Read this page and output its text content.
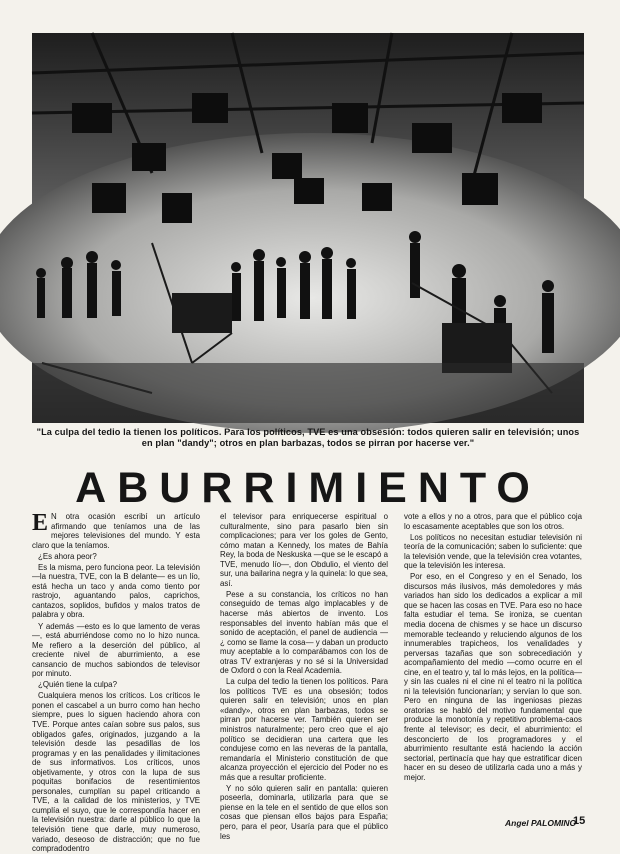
"La culpa del tedio la tienen los políticos. Para los políticos, TVE es una obsesión: todos quieren salir en televisión; unos en plan "dandy"; otros en plan barbazas, todos se pirran por hacerse ver."
ABURRIMIENTO

E N otra ocasión escribí un artículo afirmando que teníamos una de las mejores televisiones del mundo. Y esta claro que la teníamos.

¿Es ahora peor?

Es la misma, pero funciona peor. La televisión —la nuestra, TVE, con la B delante— es un lío, está hecha un taco y anda como tiento por rastrojo, aguantando palos, caprichos, cantazos, soplidos, bufidos y malos tratos de palabra y obra.

Y además —esto es lo que lamento de veras—, está aburriéndose como no lo hizo nunca. Me refiero a la deserción del público, al creciente nivel de aburrimiento, a ese cansancio de muchos sabiondos de televisor por minuto.

¿Quién tiene la culpa?

Cualquiera menos los críticos. Los críticos le ponen el cascabel a un burro como han hecho siempre, pues lo siguen haciendo ahora con TVE. Porque antes caían sobre sus palos, sus obligados gafes, originados, juzgando a la televisión desde las pesadillas de los programas y en las penalidades y ilimitaciones de sus informativos. Los críticos, unos objetivamente, y otros con la lupa de sus poquitas bonifacios de resentimientos personales, cumplían su papel criticando a TVE, a la calidad de los ministerios, y TVE cumplía el suyo, que le correspondía hacer en la televisión nuestra: darle al público lo que la televisión tiene que darle, muy numeroso, variado, deseoso de distracción; que no fue compradodentro

el televisor para enriquecerse espiritual o culturalmente, sino para pasarlo bien sin complicaciones; para ver los goles de Gento, cómo matan a Kennedy, los mates de Bahía Rey, la boda de Neskuska —que se le escapó a TVE, menudo lío—, don Obdulio, el viento del sur, una bailarina negra y la quinela: lo que sea, así.

Pese a su constancia, los críticos no han conseguido de temas algo implacables y de hacerse más abiertos de invento. Los responsables del invento habían más que el sonido de aceptación, el panel de audiencia —¿ como se llame la cosa— y daban un producto muy aceptable a lo comparábamos con los de otras TV extranjeras y no sé si la Universidad de Oxford o con la Real Academia.

La culpa del tedio la tienen los políticos. Para los políticos TVE es una obsesión; todos quieren salir en televisión; unos en plan «dandy», otros en plan barbazas, todos se pirran por hacerse ver. También quieren ser ministros naturalmente; pero creo que el ajo político se decidieran una cartera que les condujese como en las neveras de la pantalla, remandaría el Ministerio constitución de que alcanza proyección el ejercicio del Poder no es más que a resultar proficiente.

Y no sólo quieren salir en pantalla: quieren poseerla, dominarla, utilizarla para que se piense en la tele en el sentido de que ellos son cosas que piensan ellos bajos para España; pero, para el peor, Usaría para que el público les

vote a ellos y no a otros, para que el público coja lo escasamente aceptables que son los otros.

Los políticos no necesitan estudiar televisión ni teoría de la comunicación; saben lo suficiente: que la televisión vende, que la televisión crea votantes, que la televisión les interesa.

Por eso, en el Congreso y en el Senado, los discursos más ilusivos, más demoledores y más variados han sido los dedicados a explicar a mil que se hacen las cosas en TVE. Para eso no hace falta estudiar el tema. Se ironiza, se cuentan media docena de chismes y se hace un discurso memorable tecleando y reluciendo algunos de los innumerables trapicheos, los venalidades y perversas tazañas que son sobrecediación y acompañamiento del medio —como ocurre en el cine, en el teatro y, tal lo más lejos, en la política— y sin las cuales ni el cine ni el teatro ni la política ni la televisión funcionarían; y servían lo que son. Pero en ninguna de las ingeniosas piezas oratorias se habló del motivo fundamental que produce la monotonía y repetitivo problema-caos frente al televisor; es decir, el aburrimiento: el desconcierto de los programadores y el aburrimiento resultante está haciendo la acción sectorial, pertinacía que hay que estratificar dicen hacer en su deseo de utilizarla cada uno a más y mejor.

Angel PALOMINO
15
